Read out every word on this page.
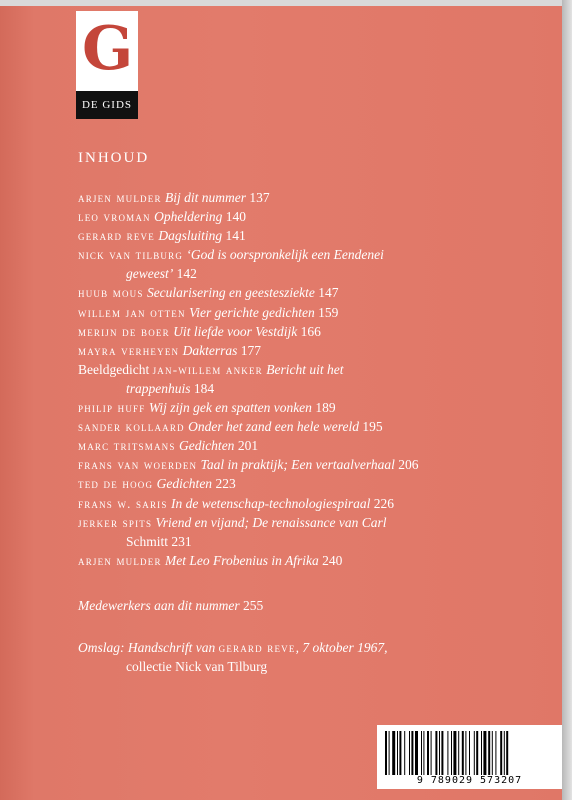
G
DE GIDS
INHOUD
arjen mulder Bij dit nummer 137
leo vroman Opheldering 140
gerard reve Dagsluiting 141
nick van tilburg ‘God is oorspronkelijk een Eendenei
geweest’ 142
huub mous Secularisering en geestesziekte 147
willem jan otten Vier gerichte gedichten 159
merijn de boer Uit liefde voor Vestdijk 166
mayra verheyen Dakterras 177
Beeldgedicht jan-willem anker Bericht uit het
trappenhuis 184
philip huff Wij zijn gek en spatten vonken 189
sander kollaard Onder het zand een hele wereld 195
marc tritsmans Gedichten 201
frans van woerden Taal in praktijk; Een vertaalverhaal 206
ted de hoog Gedichten 223
frans w. saris In de wetenschap-technologiespiraal 226
jerker spits Vriend en vijand; De renaissance van Carl
Schmitt 231
arjen mulder Met Leo Frobenius in Afrika 240
Medewerkers aan dit nummer 255
Omslag: Handschrift van gerard reve, 7 oktober 1967,
collectie Nick van Tilburg
9 789029 573207
